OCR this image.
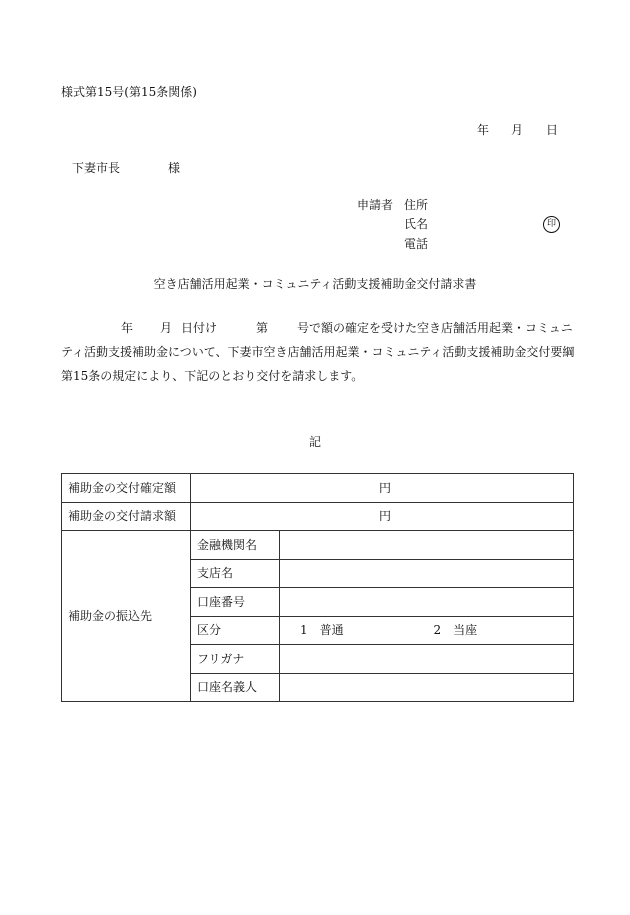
様式第15号(第15条関係)
年 月 日
下妻市長	様
申請者 住所
氏名	印
電話
空き店舗活用起業・コミュニティ活動支援補助金交付請求書
年 月 日付け	第 号で額の確定を受けた空き店舗活用起業・コミュニ
ティ活動支援補助金について、下妻市空き店舗活用起業・コミュニティ活動支援補助金交付要綱
第15条の規定により、下記のとおり交付を請求します。
記
補助金の交付確定額	円	
補助金の交付請求額	円	
補助金の振込先	金融機関名	
	支店名	
	口座番号	
	区分	1　普通 2　当座
	フリガナ	
	口座名義人	
